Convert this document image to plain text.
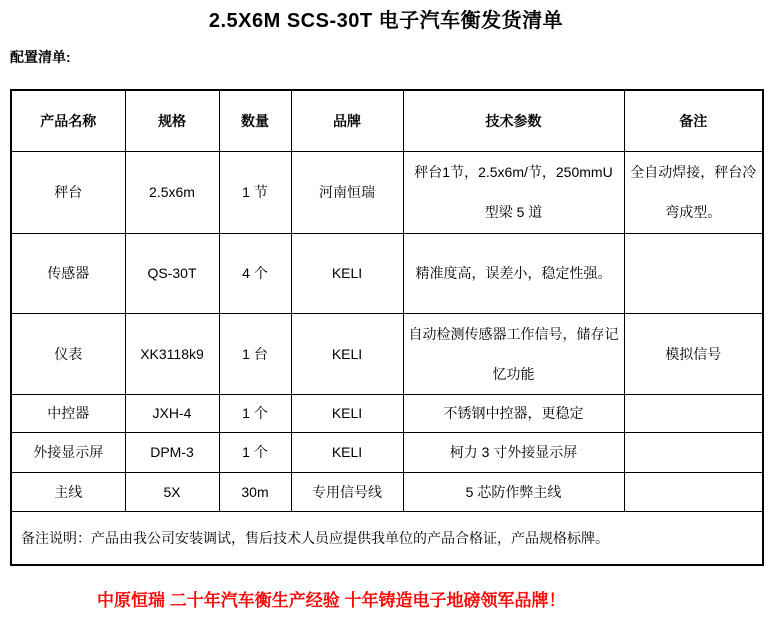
2.5X6M SCS-30T 电子汽车衡发货清单
配置清单:
产品名称	规格	数量	品牌	技术参数	备注
秤台	2.5x6m	1 节	河南恒瑞	秤台1节，2.5x6m/节，250mmU 型梁 5 道	全自动焊接，秤台冷弯成型。
传感器	QS-30T	4 个	KELI	精准度高，误差小，稳定性强。	
仪表	XK3118k9	1 台	KELI	自动检测传感器工作信号，储存记忆功能	模拟信号
中控器	JXH-4	1 个	KELI	不锈钢中控器，更稳定	
外接显示屏	DPM-3	1 个	KELI	柯力 3 寸外接显示屏	
主线	5X	30m	专用信号线	5 芯防作弊主线	
备注说明：产品由我公司安装调试，售后技术人员应提供我单位的产品合格证，产品规格标牌。					
中原恒瑞 二十年汽车衡生产经验 十年铸造电子地磅领军品牌！
